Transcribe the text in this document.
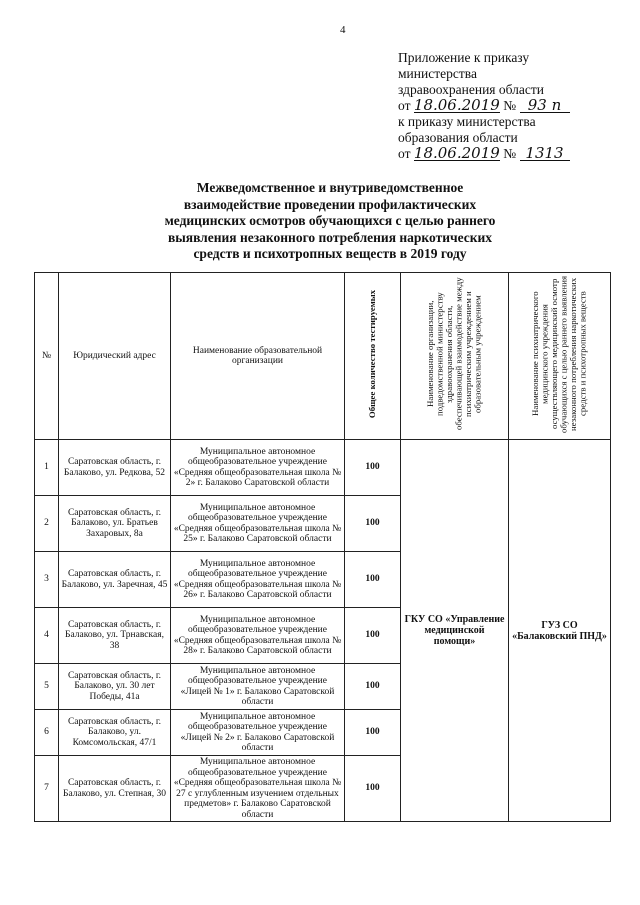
4
Приложение к приказу
министерства
здравоохранения области
от 18.06.2019 № 93 п
к приказу министерства
образования области
от 18.06.2019 № 1313
Межведомственное и внутриведомственное
взаимодействие проведении профилактических
медицинских осмотров обучающихся с целью раннего
выявления незаконного потребления наркотических
средств и психотропных веществ в 2019 году
№	Юридический адрес	Наименование образовательной организации	Общее количество тестируемых	Наименование организации, подведомственной министерству здравоохранения области, обеспечивающей взаимодействие между психиатрическим учреждением и образовательным учреждением	Наименование психиатрического медицинского учреждения осуществляющего медицинский осмотр обучающихся с целью раннего выявления незаконного потребления наркотических средств и психотропных веществ
1	Саратовская область, г. Балаково, ул. Редкова, 52	Муниципальное автономное общеобразовательное учреждение «Средняя общеобразовательная школа № 2» г. Балаково Саратовской области	100	ГКУ СО «Управление медицинской помощи»	ГУЗ СО «Балаковский ПНД»
2	Саратовская область, г. Балаково, ул. Братьев Захаровых, 8а	Муниципальное автономное общеобразовательное учреждение «Средняя общеобразовательная школа № 25» г. Балаково Саратовской области	100		
3	Саратовская область, г. Балаково, ул. Заречная, 45	Муниципальное автономное общеобразовательное учреждение «Средняя общеобразовательная школа № 26» г. Балаково Саратовской области	100		
4	Саратовская область, г. Балаково, ул. Трнавская, 38	Муниципальное автономное общеобразовательное учреждение «Средняя общеобразовательная школа № 28» г. Балаково Саратовской области	100		
5	Саратовская область, г. Балаково, ул. 30 лет Победы, 41а	Муниципальное автономное общеобразовательное учреждение «Лицей № 1» г. Балаково Саратовской области	100		
6	Саратовская область, г. Балаково, ул. Комсомольская, 47/1	Муниципальное автономное общеобразовательное учреждение «Лицей № 2» г. Балаково Саратовской области	100		
7	Саратовская область, г. Балаково, ул. Степная, 30	Муниципальное автономное общеобразовательное учреждение «Средняя общеобразовательная школа № 27 с углубленным изучением отдельных предметов» г. Балаково Саратовской области	100		
